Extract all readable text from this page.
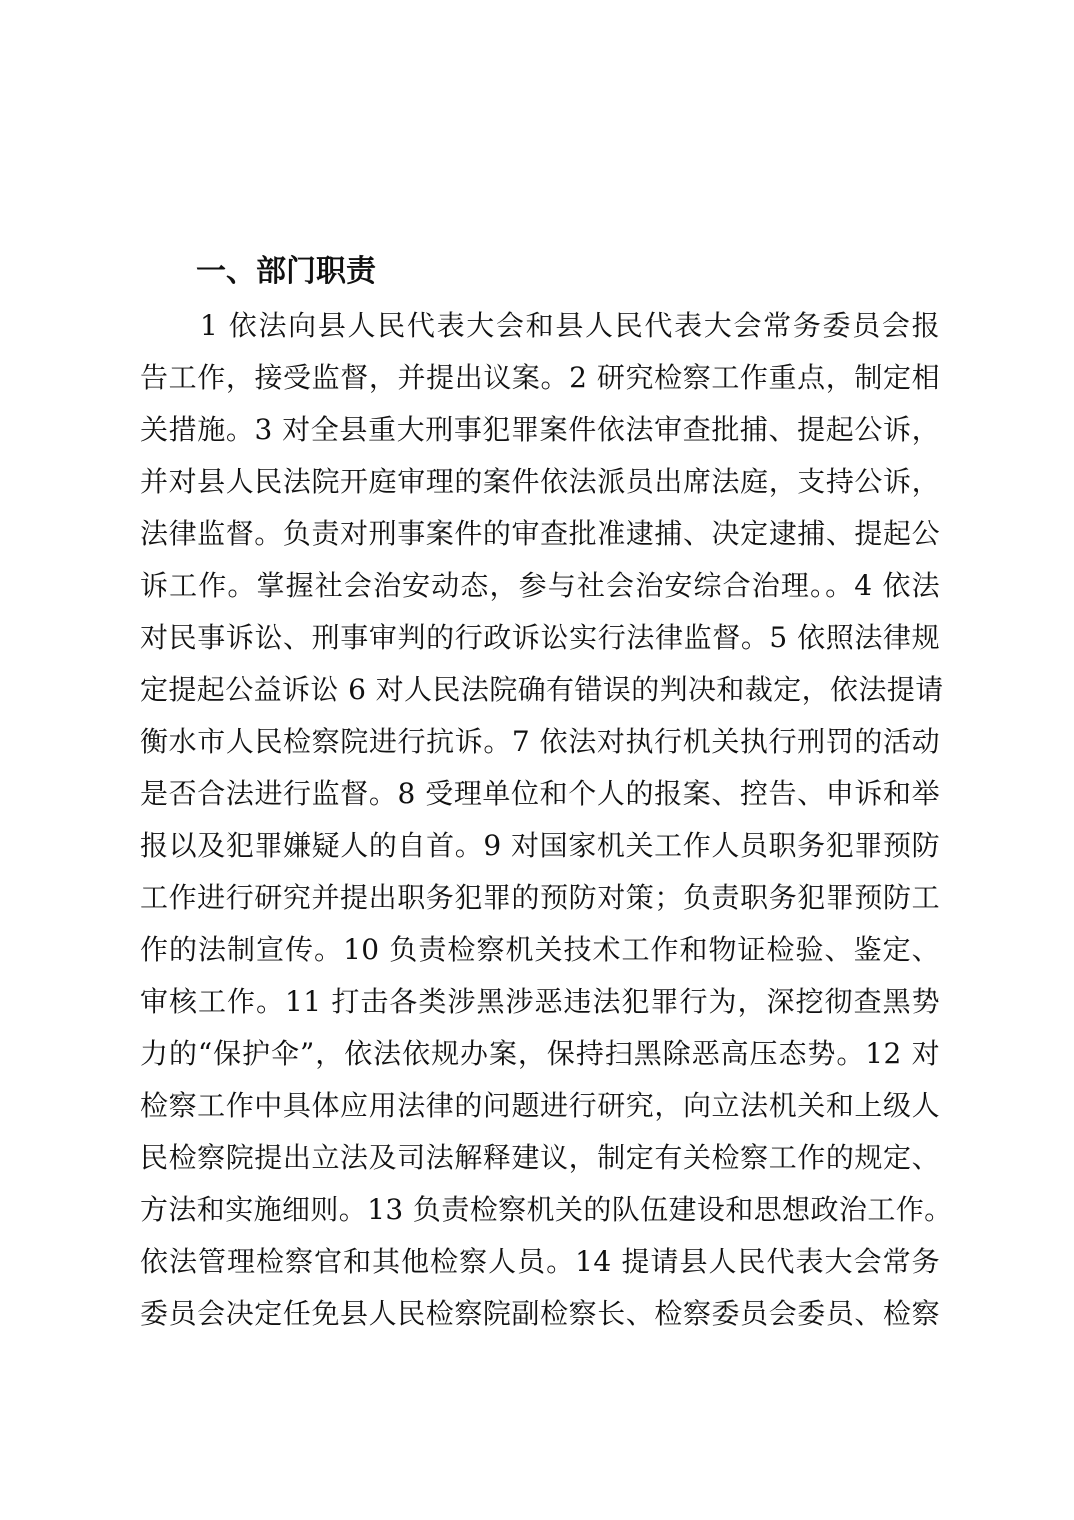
一、部门职责
1 依法向县人民代表大会和县人民代表大会常务委员会报
告工作，接受监督，并提出议案。2 研究检察工作重点，制定相
关措施。3 对全县重大刑事犯罪案件依法审查批捕、提起公诉，
并对县人民法院开庭审理的案件依法派员出席法庭，支持公诉，
法律监督。负责对刑事案件的审查批准逮捕、决定逮捕、提起公
诉工作。掌握社会治安动态，参与社会治安综合治理。。4 依法
对民事诉讼、刑事审判的行政诉讼实行法律监督。5 依照法律规
定提起公益诉讼 6 对人民法院确有错误的判决和裁定，依法提请
衡水市人民检察院进行抗诉。7 依法对执行机关执行刑罚的活动
是否合法进行监督。8 受理单位和个人的报案、控告、申诉和举
报以及犯罪嫌疑人的自首。9 对国家机关工作人员职务犯罪预防
工作进行研究并提出职务犯罪的预防对策；负责职务犯罪预防工
作的法制宣传。10 负责检察机关技术工作和物证检验、鉴定、
审核工作。11 打击各类涉黑涉恶违法犯罪行为，深挖彻查黑势
力的“保护伞”，依法依规办案，保持扫黑除恶高压态势。12 对
检察工作中具体应用法律的问题进行研究，向立法机关和上级人
民检察院提出立法及司法解释建议，制定有关检察工作的规定、
方法和实施细则。13 负责检察机关的队伍建设和思想政治工作。
依法管理检察官和其他检察人员。14 提请县人民代表大会常务
委员会决定任免县人民检察院副检察长、检察委员会委员、检察
